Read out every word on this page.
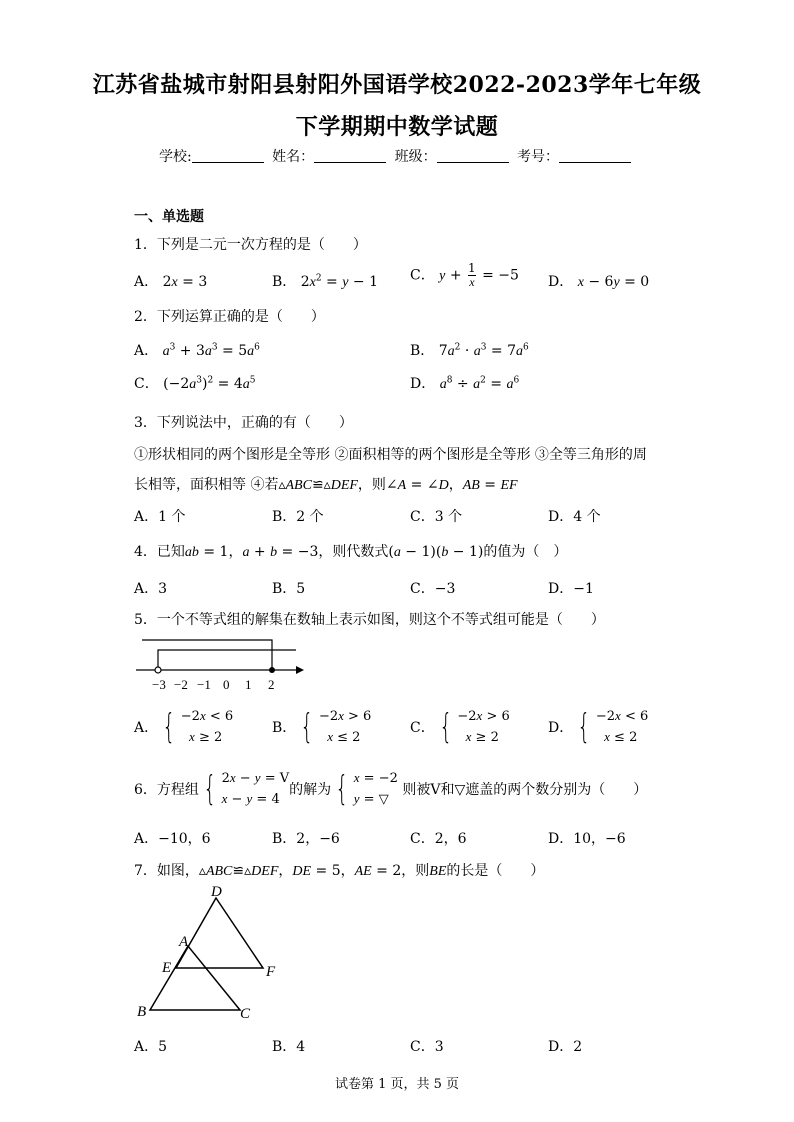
江苏省盐城市射阳县射阳外国语学校2022-2023学年七年级
下学期期中数学试题
学校:	姓名：	班级：	考号：
一、单选题
1．下列是二元一次方程的是（　　）
A． 2x = 3	B． $2x^2 = y - 1$ C． $y + \frac{1}{x} = -5$ D． x − 6y = 0
2．下列运算正确的是（　　）
A． $a^3 + 3a^3 = 5a^6$	B． $7a^2 \cdot a^3 = 7a^6$
C． $(-2a^3)^2 = 4a^5$	D． $a^8 \div a^2 = a^6$
3．下列说法中，正确的有（　　）
①形状相同的两个图形是全等形 ②面积相等的两个图形是全等形 ③全等三角形的周
长相等，面积相等 ④若▵ABC≌▵DEF，则∠A = ∠D，AB = EF
A．1 个	B．2 个	C．3 个	D．4 个
4．已知ab = 1，a + b = −3，则代数式(a − 1)(b − 1)的值为（　）
A．3	B．5	C．−3	D．−1
5．一个不等式组的解集在数轴上表示如图，则这个不等式组可能是（　　）
−3 −2 −1 0 1 2
A． { −2x < 6
x ≥ 2
B． { −2x > 6
x ≤ 2
C． { −2x > 6
x ≥ 2
D． { −2x < 6
x ≤ 2
6．方程组 { 2x − y = V
x − y = 4
的解为 { x = −2
y = ▽
则被V和▽遮盖的两个数分别为（　　）
A．−10，6	B．2，−6	C．2，6	D．10，−6
7．如图，▵ABC≌▵DEF，DE = 5，AE = 2，则BE的长是（　　）
D
A
E	F
B	C
A．5	B．4	C．3	D．2
试卷第 1 页，共 5 页
